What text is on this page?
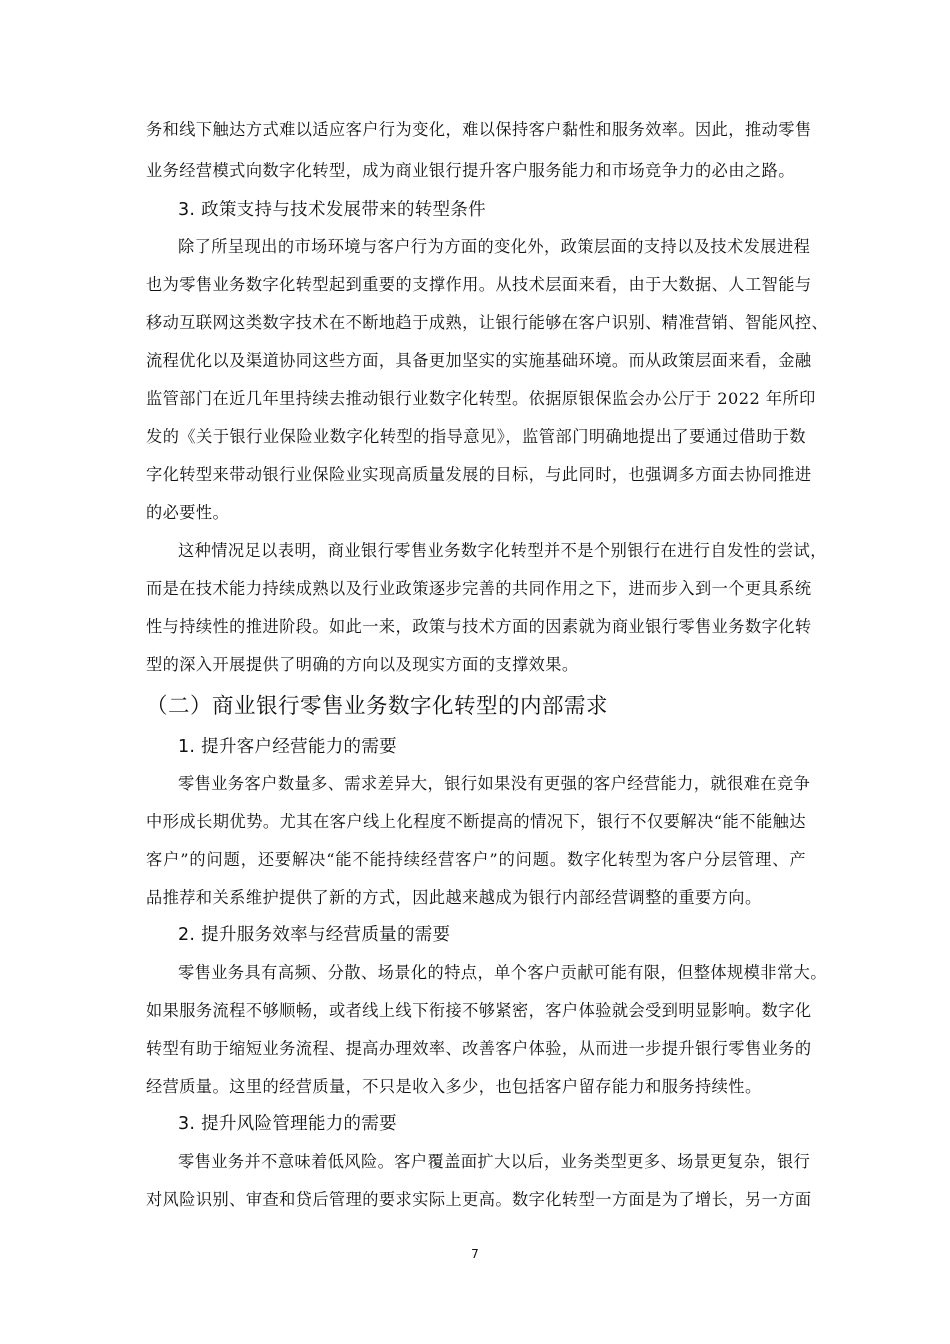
务和线下触达方式难以适应客户行为变化，难以保持客户黏性和服务效率。因此，推动零售
业务经营模式向数字化转型，成为商业银行提升客户服务能力和市场竞争力的必由之路。
3. 政策支持与技术发展带来的转型条件
除了所呈现出的市场环境与客户行为方面的变化外，政策层面的支持以及技术发展进程
也为零售业务数字化转型起到重要的支撑作用。从技术层面来看，由于大数据、人工智能与
移动互联网这类数字技术在不断地趋于成熟，让银行能够在客户识别、精准营销、智能风控、
流程优化以及渠道协同这些方面，具备更加坚实的实施基础环境。而从政策层面来看，金融
监管部门在近几年里持续去推动银行业数字化转型。依据原银保监会办公厅于 2022 年所印
发的《关于银行业保险业数字化转型的指导意见》，监管部门明确地提出了要通过借助于数
字化转型来带动银行业保险业实现高质量发展的目标，与此同时，也强调多方面去协同推进
的必要性。
这种情况足以表明，商业银行零售业务数字化转型并不是个别银行在进行自发性的尝试，
而是在技术能力持续成熟以及行业政策逐步完善的共同作用之下，进而步入到一个更具系统
性与持续性的推进阶段。如此一来，政策与技术方面的因素就为商业银行零售业务数字化转
型的深入开展提供了明确的方向以及现实方面的支撑效果。
（二）商业银行零售业务数字化转型的内部需求
1. 提升客户经营能力的需要
零售业务客户数量多、需求差异大，银行如果没有更强的客户经营能力，就很难在竞争
中形成长期优势。尤其在客户线上化程度不断提高的情况下，银行不仅要解决“能不能触达
客户”的问题，还要解决“能不能持续经营客户”的问题。数字化转型为客户分层管理、产
品推荐和关系维护提供了新的方式，因此越来越成为银行内部经营调整的重要方向。
2. 提升服务效率与经营质量的需要
零售业务具有高频、分散、场景化的特点，单个客户贡献可能有限，但整体规模非常大。
如果服务流程不够顺畅，或者线上线下衔接不够紧密，客户体验就会受到明显影响。数字化
转型有助于缩短业务流程、提高办理效率、改善客户体验，从而进一步提升银行零售业务的
经营质量。这里的经营质量，不只是收入多少，也包括客户留存能力和服务持续性。
3. 提升风险管理能力的需要
零售业务并不意味着低风险。客户覆盖面扩大以后，业务类型更多、场景更复杂，银行
对风险识别、审查和贷后管理的要求实际上更高。数字化转型一方面是为了增长，另一方面
7
